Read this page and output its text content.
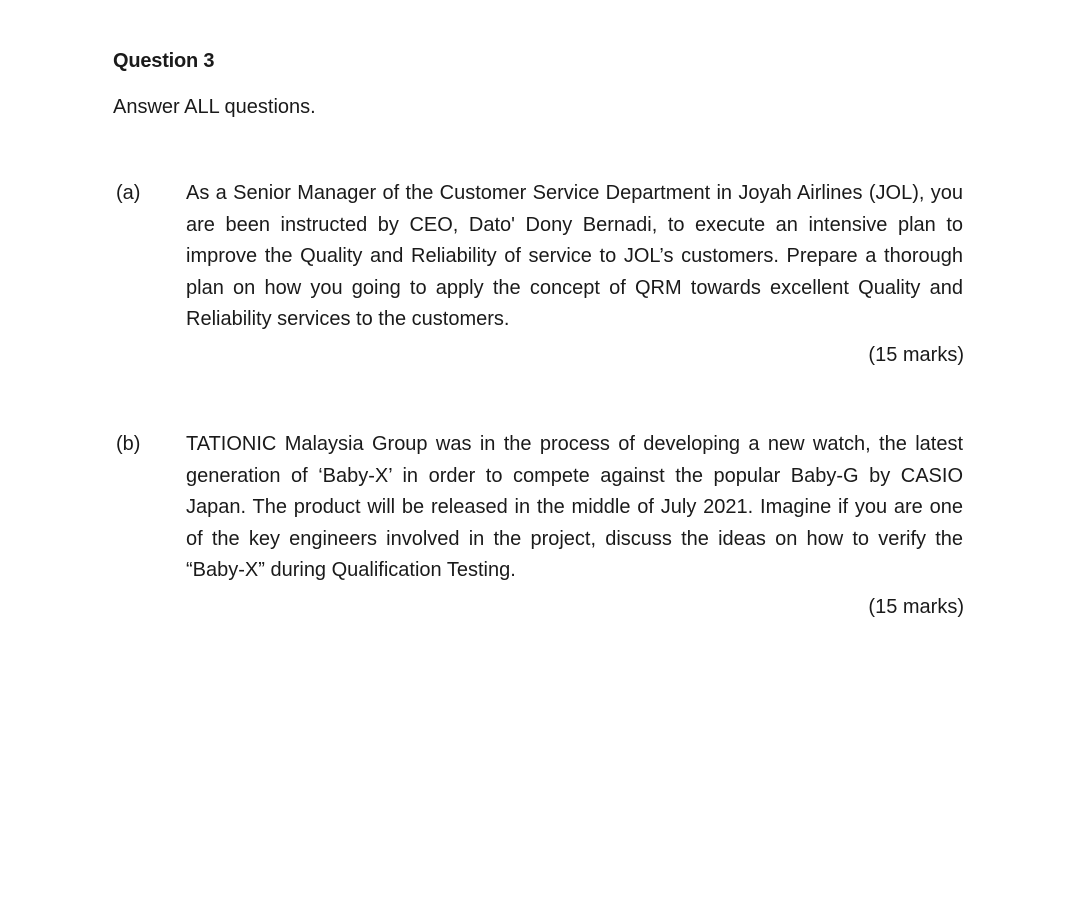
Question 3
Answer ALL questions.
(a) As a Senior Manager of the Customer Service Department in Joyah Airlines (JOL), you are been instructed by CEO, Dato' Dony Bernadi, to execute an intensive plan to improve the Quality and Reliability of service to JOL’s customers. Prepare a thorough plan on how you going to apply the concept of QRM towards excellent Quality and Reliability services to the customers.
(15 marks)
(b) TATIONIC Malaysia Group was in the process of developing a new watch, the latest generation of ‘Baby-X’ in order to compete against the popular Baby-G by CASIO Japan. The product will be released in the middle of July 2021. Imagine if you are one of the key engineers involved in the project, discuss the ideas on how to verify the “Baby-X” during Qualification Testing.
(15 marks)
